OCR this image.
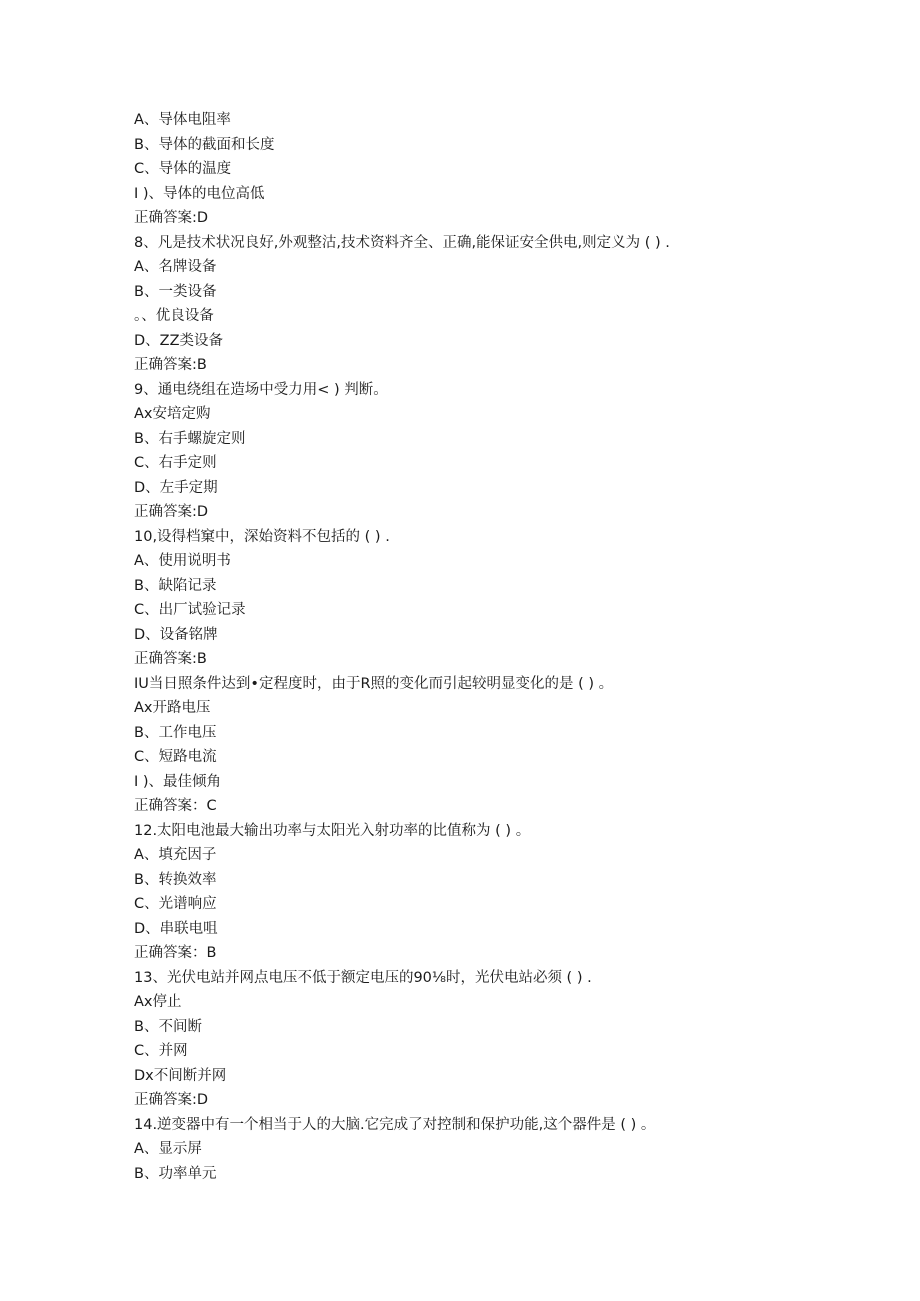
A、导体电阻率
B、导体的截面和长度
C、导体的温度
I )、导体的电位高低
正确答案:D
8、凡是技术状况良好,外观整沽,技术资料齐全、正确,能保证安全供电,则定义为 ( ) .
A、名牌设备
B、一类设备
。、优良设备
D、ZZ类设备
正确答案:B
9、通电绕组在造场中受力用< ) 判断。
Ax安培定购
B、右手螺旋定则
C、右手定则
D、左手定期
正确答案:D
10,设得档窠中，深始资料不包括的 ( ) .
A、使用说明书
B、缺陷记录
C、出厂试验记录
D、设备铭牌
正确答案:B
IU当日照条件达到•定程度时，由于R照的变化而引起较明显变化的是 ( ) 。
Ax开路电压
B、工作电压
C、短路电流
I )、最佳倾角
正确答案：C
12.太阳电池最大输出功率与太阳光入射功率的比值称为 ( ) 。
A、填充因子
B、转换效率
C、光谱响应
D、串联电咀
正确答案：B
13、光伏电站并网点电压不低于额定电压的90⅛时，光伏电站必须 ( ) .
Ax停止
B、不间断
C、并网
Dx不间断并网
正确答案:D
14.逆变器中有一个相当于人的大脑.它完成了对控制和保护功能,这个器件是 ( ) 。
A、显示屏
B、功率单元
